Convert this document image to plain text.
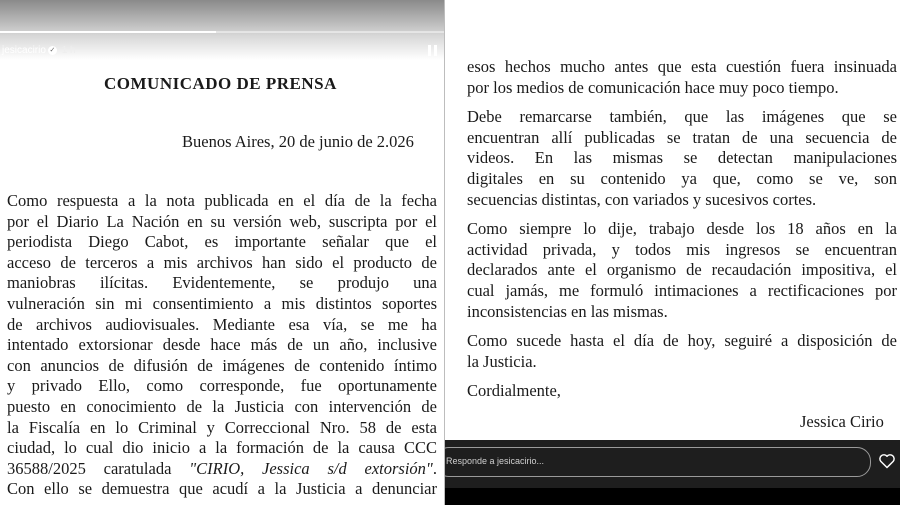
jesicacirio ✓ 1 h
COMUNICADO DE PRENSA
Buenos Aires, 20 de junio de 2.026
Como respuesta a la nota publicada en el día de la fecha
por el Diario La Nación en su versión web, suscripta por el
periodista Diego Cabot, es importante señalar que el
acceso de terceros a mis archivos han sido el producto de
maniobras ilícitas. Evidentemente, se produjo una
vulneración sin mi consentimiento a mis distintos soportes
de archivos audiovisuales. Mediante esa vía, se me ha
intentado extorsionar desde hace más de un año, inclusive
con anuncios de difusión de imágenes de contenido íntimo
y privado Ello, como corresponde, fue oportunamente
puesto en conocimiento de la Justicia con intervención de
la Fiscalía en lo Criminal y Correccional Nro. 58 de esta
ciudad, lo cual dio inicio a la formación de la causa CCC
36588/2025 caratulada "CIRIO, Jessica s/d extorsión".
Con ello se demuestra que acudí a la Justicia a denunciar

esos hechos mucho antes que esta cuestión fuera insinuada
por los medios de comunicación hace muy poco tiempo.

Debe remarcarse también, que las imágenes que se
encuentran allí publicadas se tratan de una secuencia de
videos. En las mismas se detectan manipulaciones
digitales en su contenido ya que, como se ve, son
secuencias distintas, con variados y sucesivos cortes.

Como siempre lo dije, trabajo desde los 18 años en la
actividad privada, y todos mis ingresos se encuentran
declarados ante el organismo de recaudación impositiva, el
cual jamás, me formuló intimaciones a rectificaciones por
inconsistencias en las mismas.

Como sucede hasta el día de hoy, seguiré a disposición de
la Justicia.

Cordialmente,

Jessica Cirio
Responde a jesicacirio...
